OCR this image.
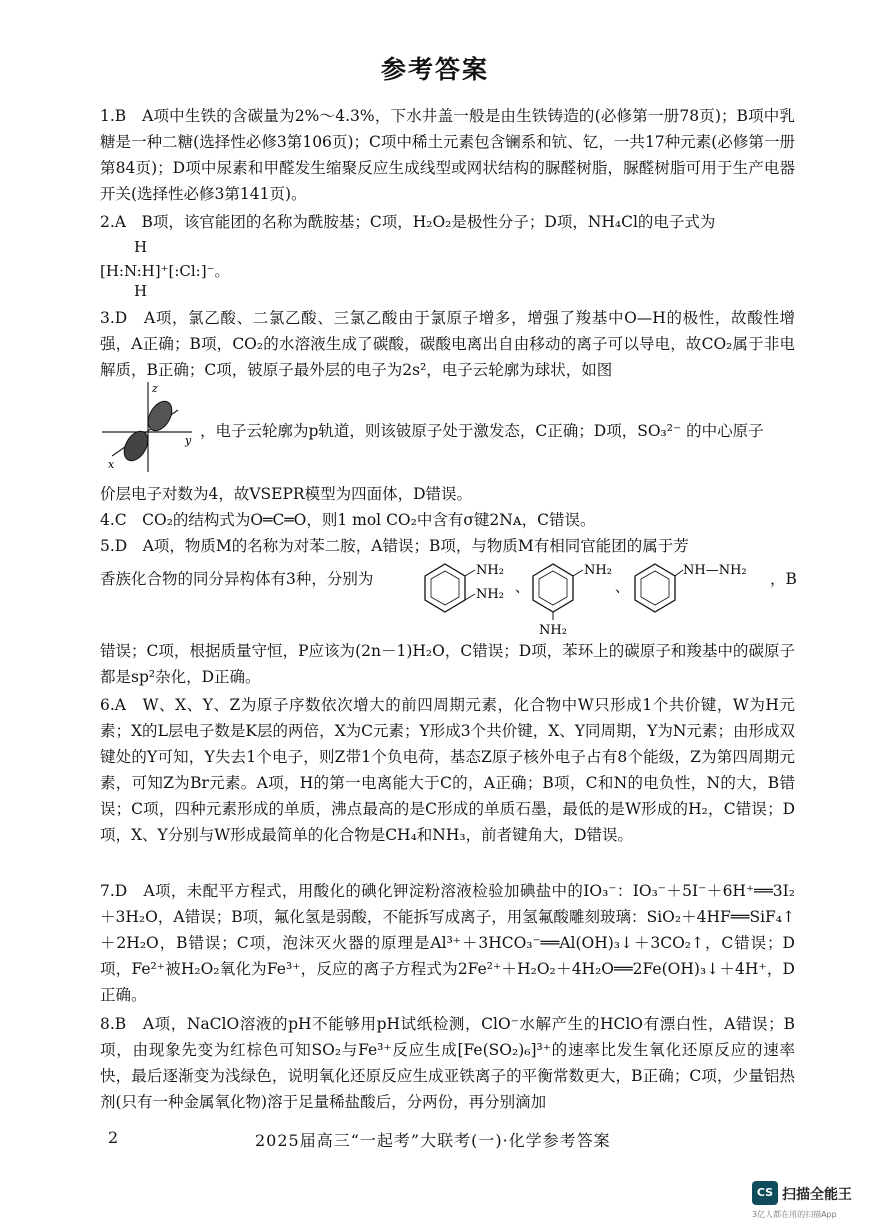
参考答案
1.B　A项中生铁的含碳量为2%～4.3%，下水井盖一般是由生铁铸造的(必修第一册78页)；B项中乳糖是一种二糖(选择性必修3第106页)；C项中稀土元素包含镧系和钪、钇，一共17种元素(必修第一册第84页)；D项中尿素和甲醛发生缩聚反应生成线型或网状结构的脲醛树脂，脲醛树脂可用于生产电器开关(选择性必修3第141页)。
2.A　B项，该官能团的名称为酰胺基；C项，H₂O₂是极性分子；D项，NH₄Cl的电子式为
H
[H:N:H]⁺[:Cl:]⁻。
H
3.D　A项，氯乙酸、二氯乙酸、三氯乙酸由于氯原子增多，增强了羧基中O—H的极性，故酸性增强，A正确；B项，CO₂的水溶液生成了碳酸，碳酸电离出自由移动的离子可以导电，故CO₂属于非电解质，B正确；C项，铍原子最外层的电子为2s²，电子云轮廓为球状，如图
z
y
x
，电子云轮廓为p轨道，则该铍原子处于激发态，C正确；D项，SO₃²⁻ 的中心原子
价层电子对数为4，故VSEPR模型为四面体，D错误。
4.C　CO₂的结构式为O═C═O，则1 mol CO₂中含有σ键2Nᴀ，C错误。
5.D　A项，物质M的名称为对苯二胺，A错误；B项，与物质M有相同官能团的属于芳
香族化合物的同分异构体有3种，分别为	NH₂
NH₂ 、
NH₂
NH₂
、
NH—NH₂ ，B
错误；C项，根据质量守恒，P应该为(2n－1)H₂O，C错误；D项，苯环上的碳原子和羧基中的碳原子都是sp²杂化，D正确。
6.A　W、X、Y、Z为原子序数依次增大的前四周期元素，化合物中W只形成1个共价键，W为H元素；X的L层电子数是K层的两倍，X为C元素；Y形成3个共价键，X、Y同周期，Y为N元素；由形成双键处的Y可知，Y失去1个电子，则Z带1个负电荷，基态Z原子核外电子占有8个能级，Z为第四周期元素，可知Z为Br元素。A项，H的第一电离能大于C的，A正确；B项，C和N的电负性，N的大，B错误；C项，四种元素形成的单质，沸点最高的是C形成的单质石墨，最低的是W形成的H₂，C错误；D项，X、Y分别与W形成最简单的化合物是CH₄和NH₃，前者键角大，D错误。
7.D　A项，未配平方程式，用酸化的碘化钾淀粉溶液检验加碘盐中的IO₃⁻：IO₃⁻＋5I⁻＋6H⁺══3I₂＋3H₂O，A错误；B项，氟化氢是弱酸，不能拆写成离子，用氢氟酸雕刻玻璃：SiO₂＋4HF══SiF₄↑＋2H₂O，B错误；C项，泡沫灭火器的原理是Al³⁺＋3HCO₃⁻══Al(OH)₃↓＋3CO₂↑，C错误；D项，Fe²⁺被H₂O₂氧化为Fe³⁺，反应的离子方程式为2Fe²⁺＋H₂O₂＋4H₂O══2Fe(OH)₃↓＋4H⁺，D正确。
8.B　A项，NaClO溶液的pH不能够用pH试纸检测，ClO⁻水解产生的HClO有漂白性，A错误；B项，由现象先变为红棕色可知SO₂与Fe³⁺反应生成[Fe(SO₂)₆]³⁺的速率比发生氧化还原反应的速率快，最后逐渐变为浅绿色，说明氧化还原反应生成亚铁离子的平衡常数更大，B正确；C项，少量铝热剂(只有一种金属氧化物)溶于足量稀盐酸后，分两份，再分别滴加
2	2025届高三“一起考”大联考(一)·化学参考答案
CS 扫描全能王
3亿人都在用的扫描App
